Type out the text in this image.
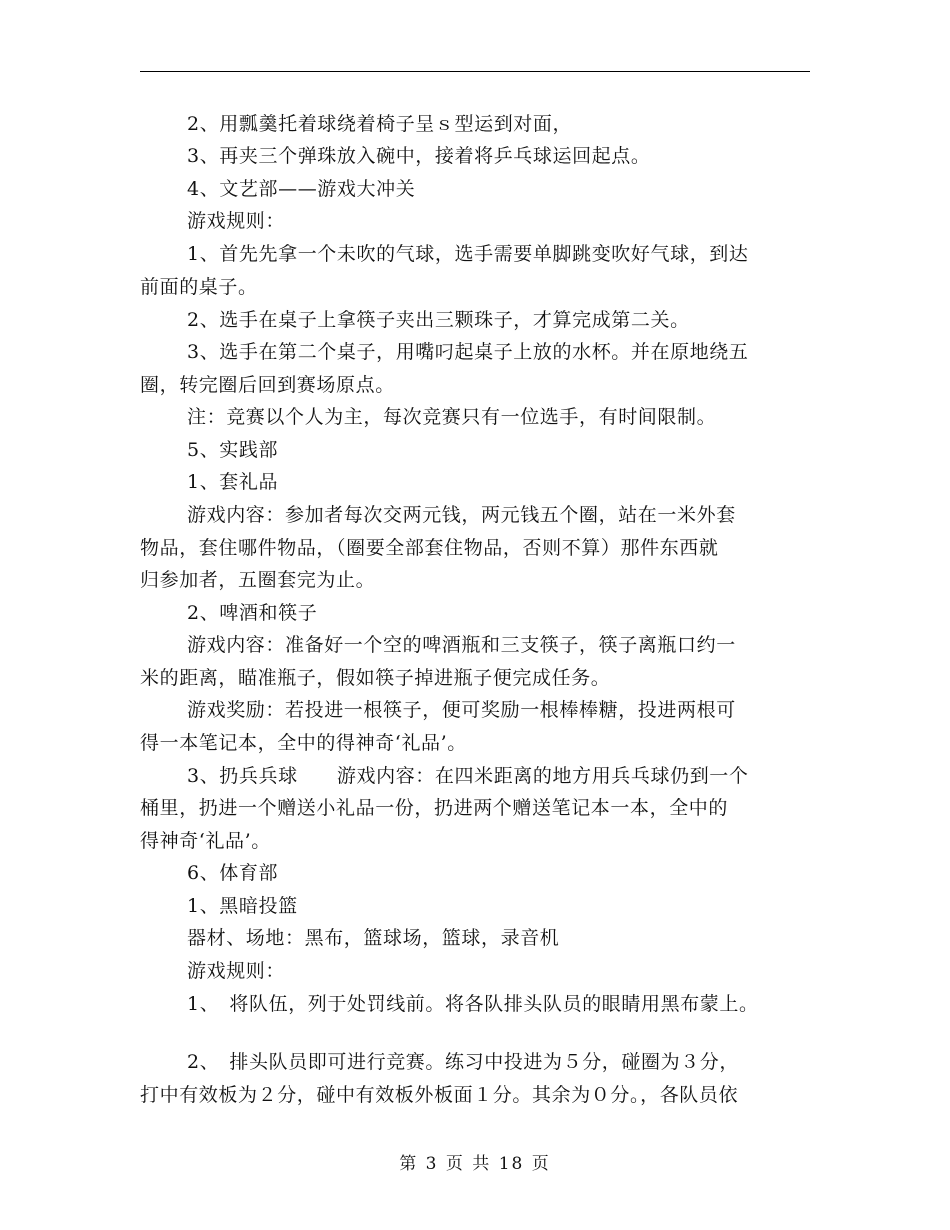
2、用瓢羹托着球绕着椅子呈ｓ型运到对面，
3、再夹三个弹珠放入碗中，接着将乒乓球运回起点。
4、文艺部——游戏大冲关
游戏规则：
1、首先先拿一个未吹的气球，选手需要单脚跳变吹好气球，到达
前面的桌子。
2、选手在桌子上拿筷子夹出三颗珠子，才算完成第二关。
3、选手在第二个桌子，用嘴叼起桌子上放的水杯。并在原地绕五
圈，转完圈后回到赛场原点。
注：竞赛以个人为主，每次竞赛只有一位选手，有时间限制。
5、实践部
1、套礼品
游戏内容：参加者每次交两元钱，两元钱五个圈，站在一米外套
物品，套住哪件物品，（圈要全部套住物品，否则不算）那件东西就
归参加者，五圈套完为止。
2、啤酒和筷子
游戏内容：准备好一个空的啤酒瓶和三支筷子，筷子离瓶口约一
米的距离，瞄准瓶子，假如筷子掉进瓶子便完成任务。
游戏奖励：若投进一根筷子，便可奖励一根棒棒糖，投进两根可
得一本笔记本，全中的得神奇‘礼品’。
3、扔兵兵球　　游戏内容：在四米距离的地方用兵乓球仍到一个
桶里，扔进一个赠送小礼品一份，扔进两个赠送笔记本一本，全中的
得神奇‘礼品’。
6、体育部
1、黑暗投篮
器材、场地：黑布，篮球场，篮球，录音机
游戏规则：
1、　将队伍，列于处罚线前。将各队排头队员的眼睛用黑布蒙上。
2、　排头队员即可进行竞赛。练习中投进为５分，碰圈为３分，
打中有效板为２分，碰中有效板外板面１分。其余为０分。，各队员依
第 3 页 共 18 页
